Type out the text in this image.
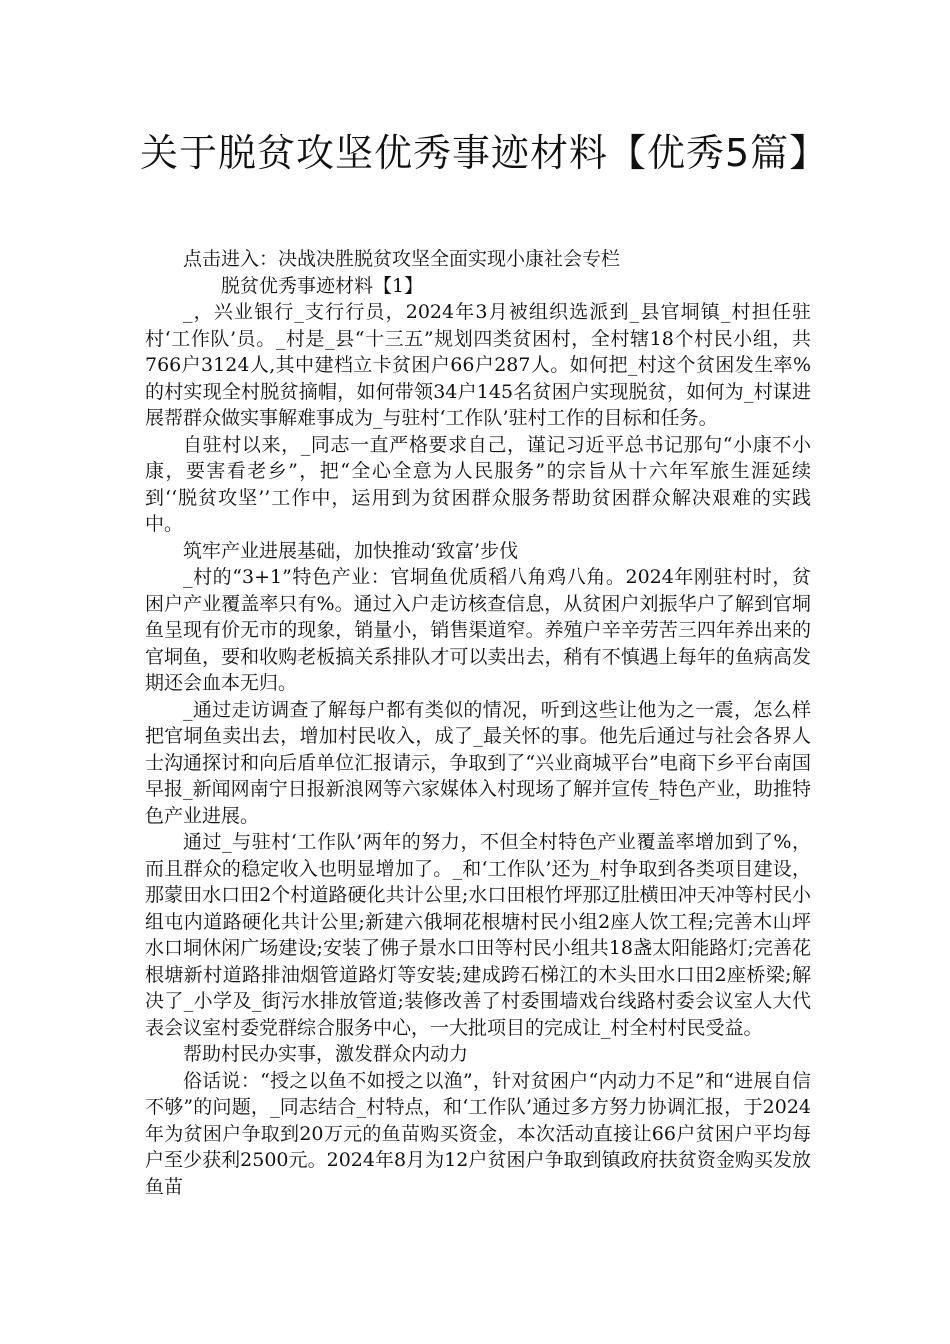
关于脱贫攻坚优秀事迹材料【优秀5篇】

点击进入：决战决胜脱贫攻坚全面实现小康社会专栏

脱贫优秀事迹材料【1】

_，兴业银行_支行行员，2024年3月被组织选派到_县官垌镇_村担任驻村‘工作队’员。_村是_县“十三五”规划四类贫困村，全村辖18个村民小组，共766户3124人,其中建档立卡贫困户66户287人。如何把_村这个贫困发生率%的村实现全村脱贫摘帽，如何带领34户145名贫困户实现脱贫，如何为_村谋进展帮群众做实事解难事成为_与驻村‘工作队’驻村工作的目标和任务。

自驻村以来，_同志一直严格要求自己，谨记习近平总书记那句“小康不小康，要害看老乡”，把“全心全意为人民服务”的宗旨从十六年军旅生涯延续到‘‘脱贫攻坚’’工作中，运用到为贫困群众服务帮助贫困群众解决艰难的实践中。

筑牢产业进展基础，加快推动‘致富’步伐

_村的“3+1”特色产业：官垌鱼优质稻八角鸡八角。2024年刚驻村时，贫困户产业覆盖率只有%。通过入户走访核查信息，从贫困户刘振华户了解到官垌鱼呈现有价无市的现象，销量小，销售渠道窄。养殖户辛辛劳苦三四年养出来的官垌鱼，要和收购老板搞关系排队才可以卖出去，稍有不慎遇上每年的鱼病高发期还会血本无归。

_通过走访调查了解每户都有类似的情况，听到这些让他为之一震，怎么样把官垌鱼卖出去，增加村民收入，成了_最关怀的事。他先后通过与社会各界人士沟通探讨和向后盾单位汇报请示，争取到了“兴业商城平台”电商下乡平台南国早报_新闻网南宁日报新浪网等六家媒体入村现场了解并宣传_特色产业，助推特色产业进展。

通过_与驻村‘工作队’两年的努力，不但全村特色产业覆盖率增加到了%，而且群众的稳定收入也明显增加了。_和‘工作队’还为_村争取到各类项目建设，那蒙田水口田2个村道路硬化共计公里;水口田根竹坪那辽肚横田冲天冲等村民小组屯内道路硬化共计公里;新建六俄垌花根塘村民小组2座人饮工程;完善木山坪水口垌休闲广场建设;安装了佛子景水口田等村民小组共18盏太阳能路灯;完善花根塘新村道路排油烟管道路灯等安装;建成跨石梯江的木头田水口田2座桥梁;解决了_小学及_街污水排放管道;装修改善了村委围墙戏台线路村委会议室人大代表会议室村委党群综合服务中心，一大批项目的完成让_村全村村民受益。

帮助村民办实事，激发群众内动力

俗话说：“授之以鱼不如授之以渔”，针对贫困户“内动力不足”和“进展自信不够”的问题，_同志结合_村特点，和‘工作队’通过多方努力协调汇报，于2024年为贫困户争取到20万元的鱼苗购买资金，本次活动直接让66户贫困户平均每户至少获利2500元。2024年8月为12户贫困户争取到镇政府扶贫资金购买发放鱼苗
